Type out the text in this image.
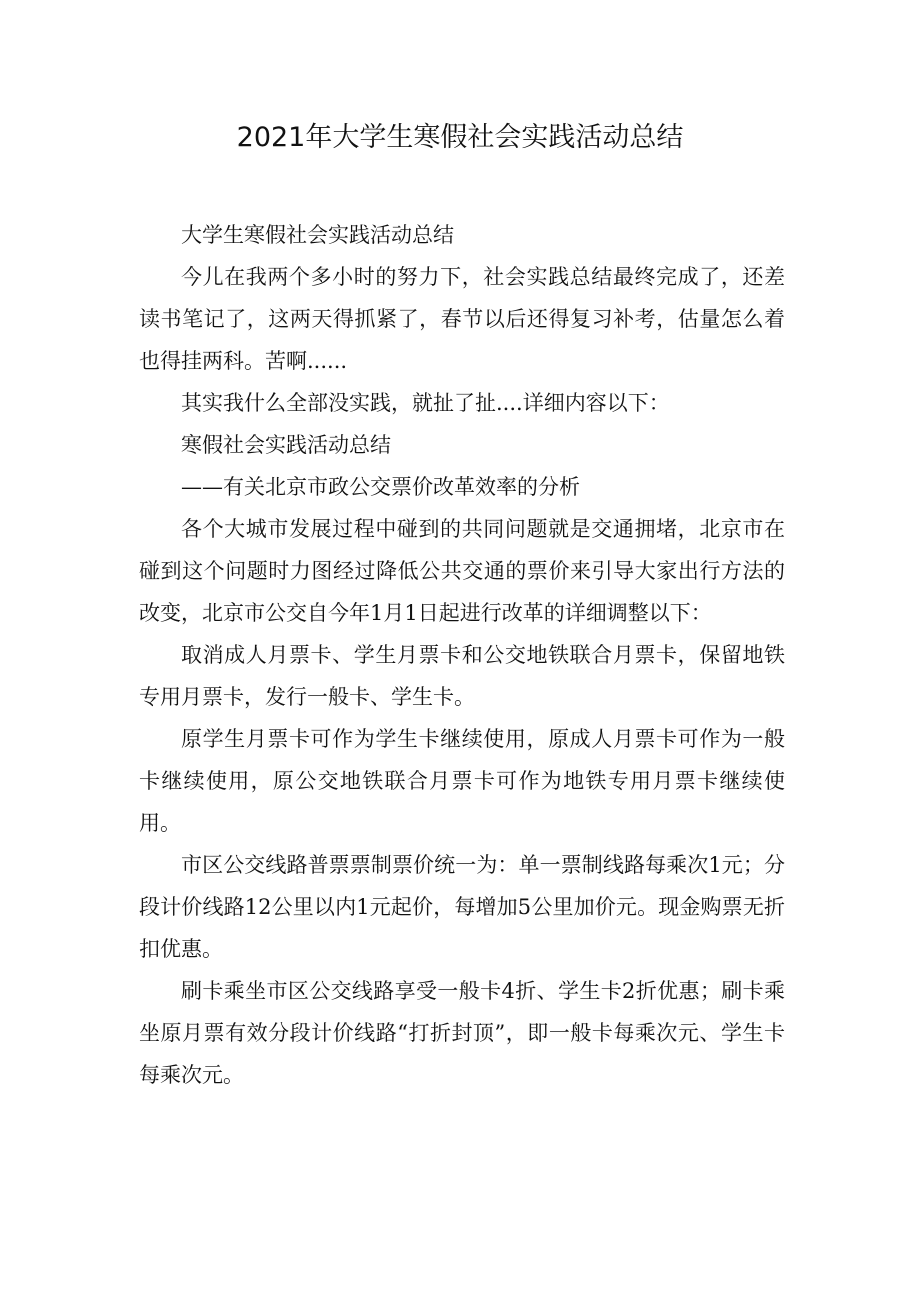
2021年大学生寒假社会实践活动总结

大学生寒假社会实践活动总结

今儿在我两个多小时的努力下，社会实践总结最终完成了，还差读书笔记了，这两天得抓紧了，春节以后还得复习补考，估量怎么着也得挂两科。苦啊......

其实我什么全部没实践，就扯了扯....详细内容以下：

寒假社会实践活动总结

——有关北京市政公交票价改革效率的分析

各个大城市发展过程中碰到的共同问题就是交通拥堵，北京市在碰到这个问题时力图经过降低公共交通的票价来引导大家出行方法的改变，北京市公交自今年1月1日起进行改革的详细调整以下：

取消成人月票卡、学生月票卡和公交地铁联合月票卡，保留地铁专用月票卡，发行一般卡、学生卡。

原学生月票卡可作为学生卡继续使用，原成人月票卡可作为一般卡继续使用，原公交地铁联合月票卡可作为地铁专用月票卡继续使用。

市区公交线路普票票制票价统一为：单一票制线路每乘次1元；分段计价线路12公里以内1元起价，每增加5公里加价元。现金购票无折扣优惠。

刷卡乘坐市区公交线路享受一般卡4折、学生卡2折优惠；刷卡乘坐原月票有效分段计价线路“打折封顶”，即一般卡每乘次元、学生卡每乘次元。
